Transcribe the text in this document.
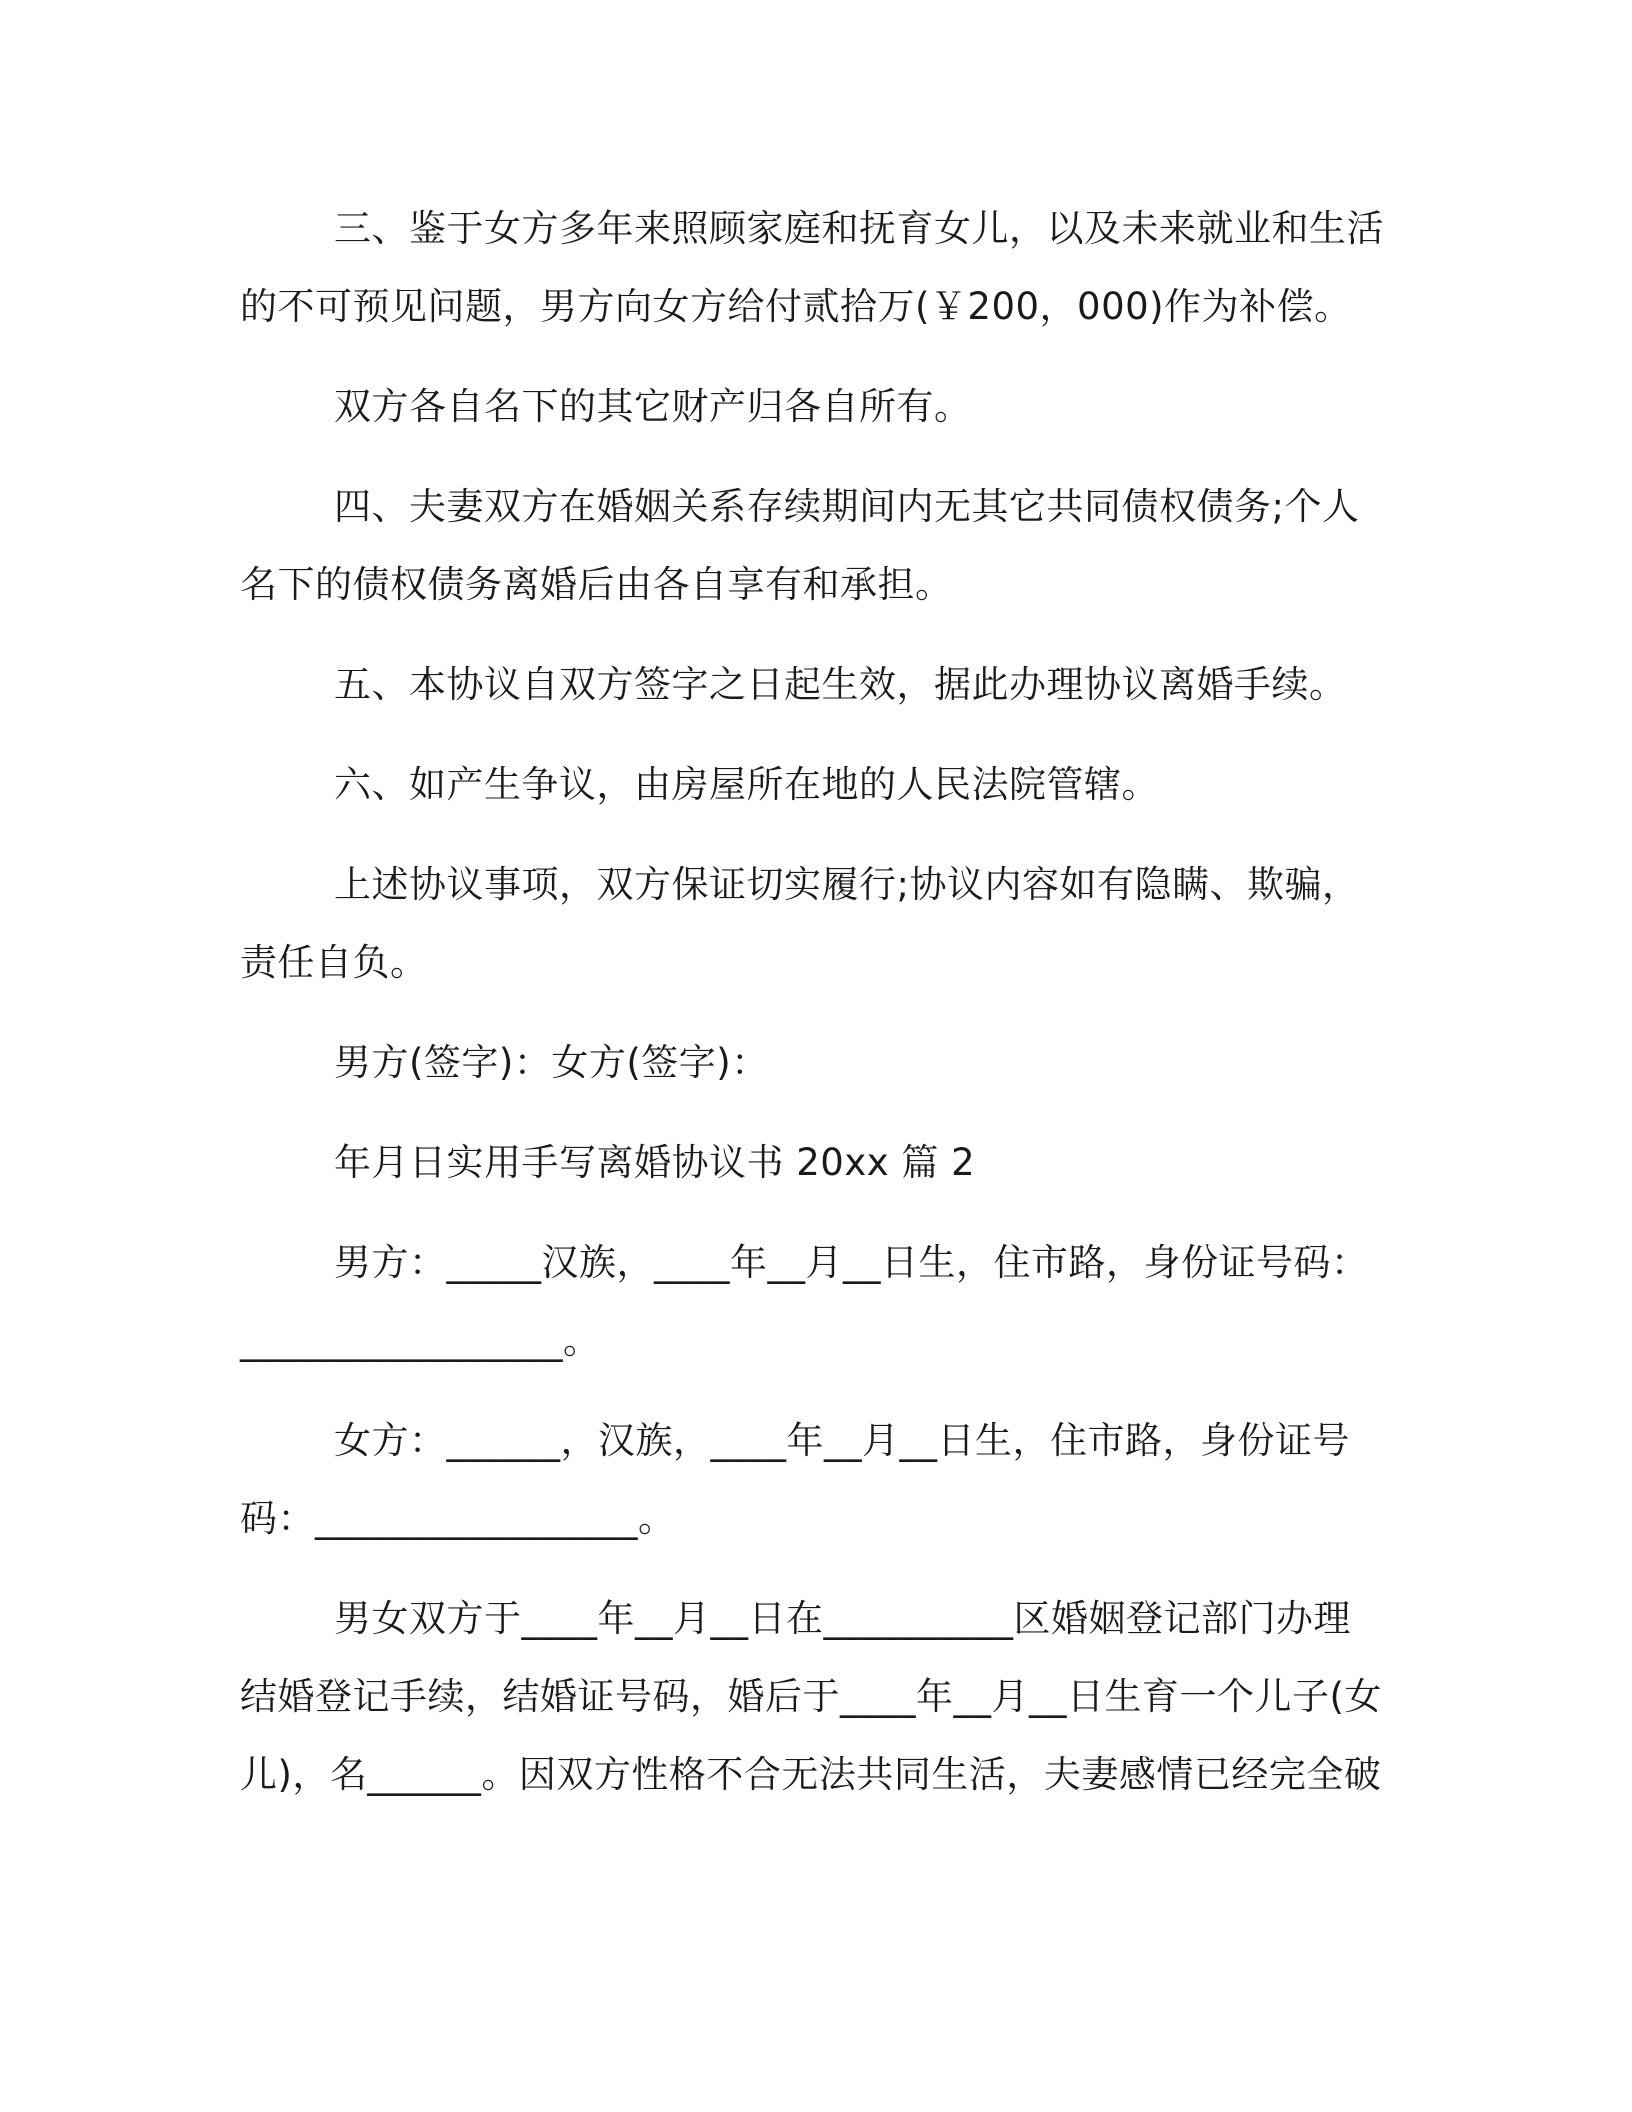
三、鉴于女方多年来照顾家庭和抚育女儿，以及未来就业和生活
的不可预见问题，男方向女方给付贰拾万(￥200，000)作为补偿。
双方各自名下的其它财产归各自所有。
四、夫妻双方在婚姻关系存续期间内无其它共同债权债务;个人
名下的债权债务离婚后由各自享有和承担。
五、本协议自双方签字之日起生效，据此办理协议离婚手续。
六、如产生争议，由房屋所在地的人民法院管辖。
上述协议事项，双方保证切实履行;协议内容如有隐瞒、欺骗，
责任自负。
男方(签字)：女方(签字)：
年月日实用手写离婚协议书 20xx 篇 2
男方：_____汉族，____年__月__日生，住市路，身份证号码：
_________________。
女方：______，汉族，____年__月__日生，住市路，身份证号
码：_________________。
男女双方于____年__月__日在__________区婚姻登记部门办理
结婚登记手续，结婚证号码，婚后于____年__月__日生育一个儿子(女
儿)，名______。因双方性格不合无法共同生活，夫妻感情已经完全破
